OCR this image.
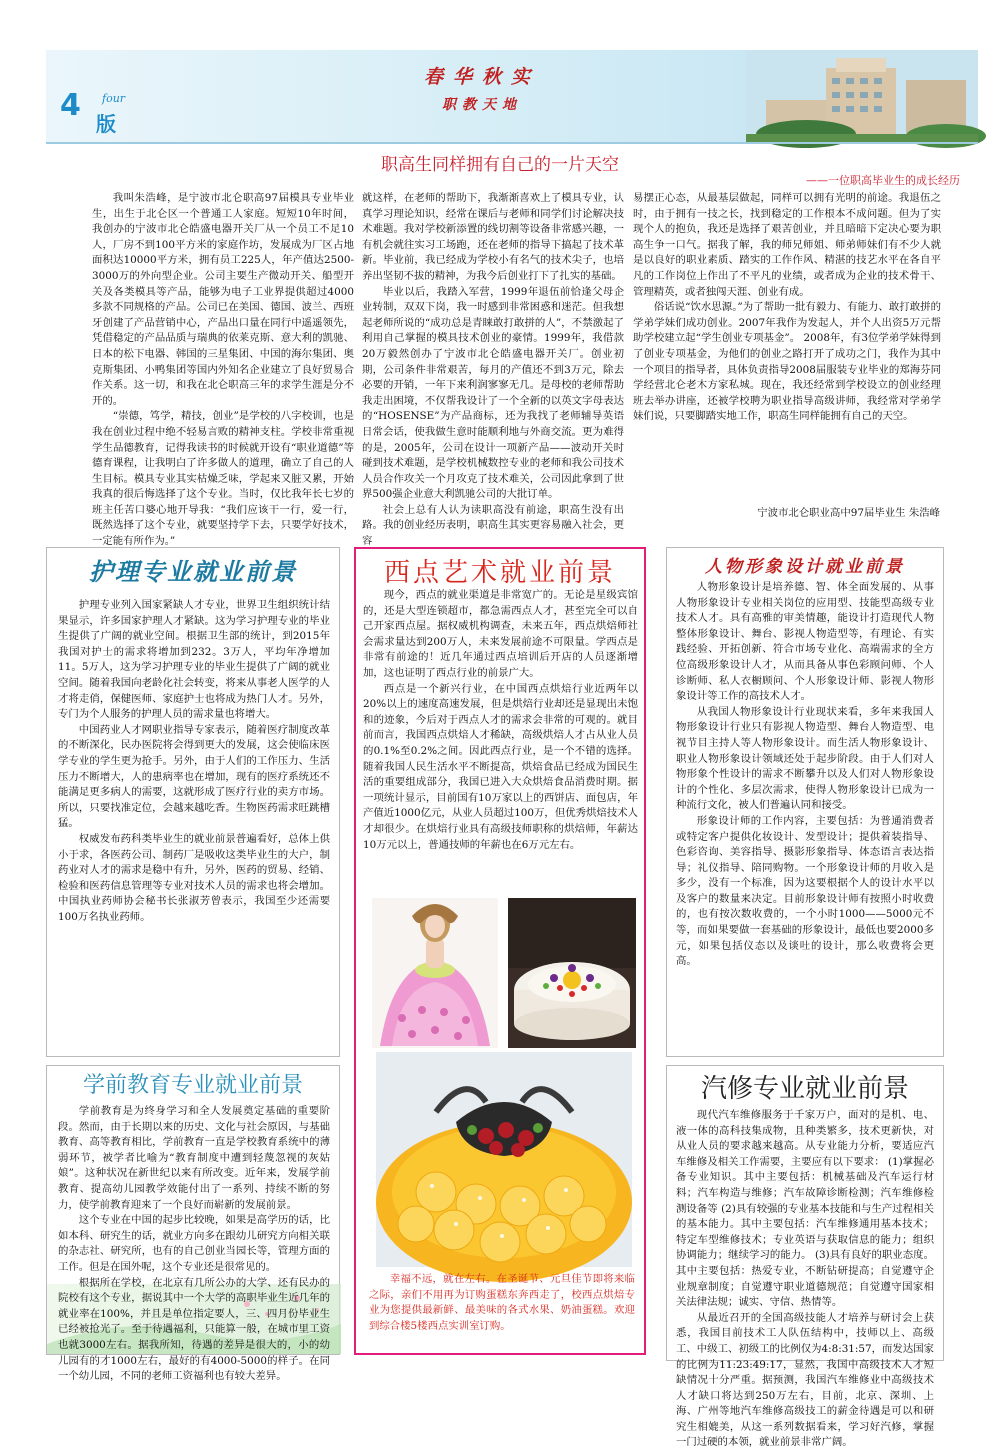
4 four
版
春华秋实
职教天地
职高生同样拥有自己的一片天空
——一位职高毕业生的成长经历

我叫朱浩峰，是宁波市北仑职高97届模具专业毕业生，出生于北仑区一个普通工人家庭。短短10年时间，我创办的宁波市北仑皓盛电器开关厂从一个员工不足10人，厂房不到100平方米的家庭作坊，发展成为厂区占地面积达10000平方米，拥有员工225人，年产值达2500-3000万的外向型企业。公司主要生产微动开关、船型开关及各类模具等产品，能够为电子工业界提供超过4000多款不同规格的产品。公司已在美国、德国、波兰、西班牙创建了产品营销中心，产品出口量在同行中遥遥领先，凭借稳定的产品品质与瑞典的依莱克斯、意大利的凯驰、日本的松下电器、韩国的三星集团、中国的海尔集团、奥克斯集团、小鸭集团等国内外知名企业建立了良好贸易合作关系。这一切，和我在北仑职高三年的求学生涯是分不开的。

“崇德，笃学，精技，创业”是学校的八字校训，也是我在创业过程中绝不轻易言败的精神支柱。学校非常重视学生品德教育，记得我读书的时候就开设有“职业道德”等德育课程，让我明白了许多做人的道理，确立了自己的人生目标。模具专业其实枯燥乏味，学起来又脏又累，开始我真的很后悔选择了这个专业。当时，仅比我年长七岁的班主任苦口婆心地开导我：“我们应该干一行，爱一行，既然选择了这个专业，就要坚持学下去，只要学好技术，一定能有所作为。”

就这样，在老师的帮助下，我渐渐喜欢上了模具专业，认真学习理论知识，经常在课后与老师和同学们讨论解决技术难题。我对学校新添置的线切割等设备非常感兴趣，一有机会就往实习工场跑，还在老师的指导下搞起了技术革新。毕业前，我已经成为学校小有名气的技术尖子，也培养出坚韧不拔的精神，为我今后创业打下了扎实的基础。

毕业以后，我踏入军营，1999年退伍前恰逢父母企业转制，双双下岗，我一时感到非常困惑和迷茫。但我想起老师所说的“成功总是青睐敢打敢拼的人”，不禁激起了利用自己掌握的模具技术创业的豪情。1999年，我借款20万毅然创办了宁波市北仑皓盛电器开关厂。创业初期，公司条件非常艰苦，每月的产值还不到3万元，除去必要的开销，一年下来利润寥寥无几。是母校的老师帮助我走出困境，不仅帮我设计了一个全新的以英文字母表达的“HOSENSE”为产品商标，还为我找了老师辅导英语日常会话，使我做生意时能顺利地与外商交流。更为难得的是，2005年，公司在设计一项新产品——波动开关时碰到技术难题，是学校机械数控专业的老师和我公司技术人员合作攻关一个月攻克了技术难关，公司因此拿到了世界500强企业意大利凯驰公司的大批订单。

社会上总有人认为读职高没有前途，职高生没有出路。我的创业经历表明，职高生其实更容易融入社会，更容

易摆正心态，从最基层做起，同样可以拥有光明的前途。我退伍之时，由于拥有一技之长，找到稳定的工作根本不成问题。但为了实现个人的抱负，我还是选择了艰苦创业，并且暗暗下定决心要为职高生争一口气。据我了解，我的师兄师姐、师弟师妹们有不少人就是以良好的职业素质、踏实的工作作风、精湛的技艺水平在各自平凡的工作岗位上作出了不平凡的业绩，或者成为企业的技术骨干、管理精英，或者独闯天涯、创业有成。

俗话说“饮水思源。”为了帮助一批有毅力、有能力、敢打敢拼的学弟学妹们成功创业。2007年我作为发起人，并个人出资5万元帮助学校建立起“学生创业专项基金”。 2008年，有3位学弟学妹得到了创业专项基金，为他们的创业之路打开了成功之门，我作为其中一个项目的指导者，具体负责指导2008届服装专业毕业的郑海芬同学经营北仑老木方家私城。现在，我还经常到学校设立的创业经理班去举办讲座，还被学校聘为职业指导高级讲师，我经常对学弟学妹们说，只要脚踏实地工作，职高生同样能拥有自己的天空。

宁波市北仑职业高中97届毕业生 朱浩峰
护理专业就业前景

护理专业列入国家紧缺人才专业，世界卫生组织统计结果显示，许多国家护理人才紧缺。这为学习护理专业的毕业生提供了广阔的就业空间。根据卫生部的统计，到2015年我国对护士的需求将增加到232。3万人，平均年净增加11。5万人，这为学习护理专业的毕业生提供了广阔的就业空间。随着我国向老龄化社会转变，将来从事老人医学的人才将走俏，保健医师、家庭护士也将成为热门人才。另外，专门为个人服务的护理人员的需求量也将增大。

中国药业人才网职业指导专家表示，随着医疗制度改革的不断深化，民办医院将会得到更大的发展，这会使临床医学专业的学生更为抢手。另外，由于人们的工作压力、生活压力不断增大，人的患病率也在增加，现有的医疗系统还不能满足更多病人的需要，这就形成了医疗行业的卖方市场。所以，只要找准定位，会越来越吃香。生物医药需求旺跳槽猛。

权威发布药科类毕业生的就业前景普遍看好，总体上供小于求，各医药公司、制药厂是吸收这类毕业生的大户，制药业对人才的需求是稳中有升，另外，医药的贸易、经销、检验和医药信息管理等专业对技术人员的需求也将会增加。中国执业药师协会秘书长张淑芳曾表示，我国至少还需要100万名执业药师。

西点艺术就业前景

现今，西点的就业渠道是非常宽广的。无论是星级宾馆的，还是大型连锁超市，都急需西点人才，甚至完全可以自己开家西点屋。据权威机构调查，未来五年，西点烘焙师社会需求量达到200万人，未来发展前途不可限量。学西点是非常有前途的！近几年通过西点培训后开店的人员逐渐增加，这也证明了西点行业的前景广大。

西点是一个新兴行业，在中国西点烘焙行业近两年以20%以上的速度高速发展，但是烘焙行业却还是显现出未饱和的迹象，今后对于西点人才的需求会非常的可观的。就目前而言，我国西点烘焙人才稀缺，高级烘焙人才占从业人员的0.1%至0.2%之间。因此西点行业，是一个不错的选择。随着我国人民生活水平不断提高，烘焙食品已经成为国民生活的重要组成部分，我国已进入大众烘焙食品消费时期。据一项统计显示，目前国有10万家以上的西饼店、面包店，年产值近1000亿元，从业人员超过100万，但优秀烘焙技术人才却很少。在烘焙行业具有高级技师职称的烘焙师，年薪达10万元以上，普通技师的年薪也在6万元左右。

幸福不远，就在左右。在圣诞节、元旦佳节即将来临之际，亲们不用再为订购蛋糕东奔西走了，校西点烘焙专业为您提供最新鲜、最美味的各式水果、奶油蛋糕。欢迎到综合楼5楼西点实训室订购。
人物形象设计就业前景

人物形象设计是培养德、智、体全面发展的、从事人物形象设计专业相关岗位的应用型、技能型高级专业技术人才。具有高雅的审美情趣，能设计打造现代人物整体形象设计、舞台、影视人物造型等，有理论、有实践经验、开拓创新、符合市场专业化、高端需求的全方位高级形象设计人才，从而具备从事色彩顾问师、个人诊断师、私人衣橱顾问、个人形象设计师、影视人物形象设计等工作的高技术人才。

从我国人物形象设计行业现状来看，多年来我国人物形象设计行业只有影视人物造型、舞台人物造型、电视节目主持人等人物形象设计。而生活人物形象设计、职业人物形象设计领域还处于起步阶段。由于人们对人物形象个性设计的需求不断攀升以及人们对人物形象设计的个性化、多层次需求，使得人物形象设计已成为一种流行文化，被人们普遍认同和接受。

形象设计师的工作内容，主要包括：为普通消费者或特定客户提供化妆设计、发型设计；提供着装指导、色彩咨询、美容指导、摄影形象指导、体态语言表达指导；礼仪指导、陪同购物。一个形象设计师的月收入是多少，没有一个标准，因为这要根据个人的设计水平以及客户的数量来决定。目前形象设计师有按照小时收费的，也有按次数收费的，一个小时1000——5000元不等，而如果要做一套基础的形象设计，最低也要2000多元，如果包括仪态以及谈吐的设计，那么收费将会更高。

学前教育专业就业前景

学前教育是为终身学习和全人发展奠定基础的重要阶段。然而，由于长期以来的历史、文化与社会原因，与基础教育、高等教育相比，学前教育一直是学校教育系统中的薄弱环节，被学者比喻为“教育制度中遭到轻蔑忽视的灰姑娘”。这种状况在新世纪以来有所改变。近年来，发展学前教育、提高幼儿园教学效能付出了一系列、持续不断的努力，使学前教育迎来了一个良好而崭新的发展前景。

这个专业在中国的起步比较晚，如果是高学历的话，比如本科、研究生的话，就业方向多在跟幼儿研究方向相关联的杂志社、研究所，也有的自己创业当园长等，管理方面的工作。但是在国外呢，这个专业还是很常见的。

根据所在学校，在北京有几所公办的大学、还有民办的院校有这个专业，据说其中一个大学的高职毕业生近几年的就业率在100%，并且是单位指定要人，三、四月份毕业生已经被抢光了。至于待遇福利，只能算一般，在城市里工资也就3000左右。据我所知，待遇的差异是很大的，小的幼儿园有的才1000左右，最好的有4000-5000的样子。在同一个幼儿园，不同的老师工资福利也有较大差异。

汽修专业就业前景

现代汽车维修服务于千家万户，面对的是机、电、液一体的高科技集成物，且种类繁多，技术更新快，对从业人员的要求越来越高。从专业能力分析，要适应汽车维修及相关工作需要，主要应有以下要求： (1)掌握必备专业知识。其中主要包括：机械基础及汽车运行材料；汽车构造与维修；汽车故障诊断检测；汽车维修检测设备等 (2)具有较强的专业基本技能和与生产过程相关的基本能力。其中主要包括：汽车维修通用基本技术；特定车型维修技术；专业英语与获取信息的能力；组织协调能力；继续学习的能力。 (3)具有良好的职业态度。其中主要包括：热爱专业，不断钻研提高；自觉遵守企业规章制度；自觉遵守职业道德规范；自觉遵守国家相关法律法规；诚实、守信、热情等。

从最近召开的全国高级技能人才培养与研讨会上获悉，我国目前技术工人队伍结构中，技师以上、高级工、中级工、初级工的比例仅为4:8:31:57，而发达国家的比例为11:23:49:17，显然，我国中高级技术人才短缺情况十分严重。据预测，我国汽车维修业中高级技术人才缺口将达到250万左右，目前，北京、深圳、上海、广州等地汽车维修高级技工的薪金待遇是可以和研究生相媲美，从这一系列数据看来，学习好汽修，掌握一门过硬的本领，就业前景非常广阔。
